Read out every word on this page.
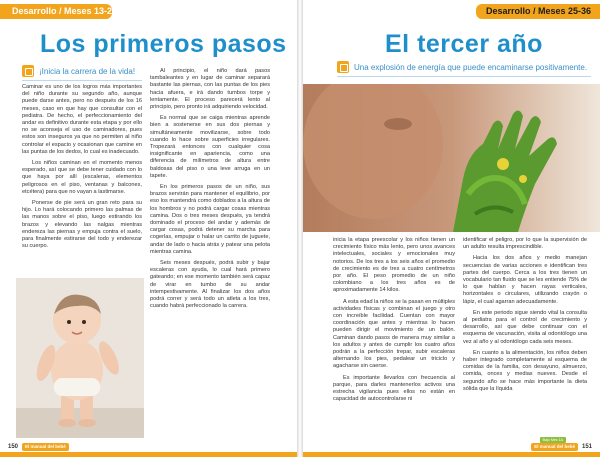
Desarrollo / Meses 13-24
Los primeros pasos
¡Inicia la carrera de la vida!

Caminar es uno de los logros más importantes del niño durante su segundo año, aunque puede darse antes, pero no después de los 16 meses, caso en que hay que consultar con el pediatra. De hecho, el perfeccionamiento del andar es definitivo durante esta etapa y por ello no se aconseja el uso de caminadores, pues estos son inseguros ya que no permiten al niño controlar el espacio y ocasionan que camine en las puntas de los dedos, lo cual es inadecuado.

Los niños caminan en el momento menos esperado, así que se debe tener cuidado con lo que haya por allí (escaleras, elementos peligrosos en el piso, ventanas y balcones, etcétera) para que no vayan a lastimarse.

Ponerse de pie será un gran reto para su hijo. Lo hará colocando primero las palmas de las manos sobre el piso, luego estirando los brazos y elevando las nalgas mientras endereza las piernas y empuja contra el suelo, para finalmente estirarse del todo y enderezar su cuerpo.

Al principio, el niño dará pasos tambaleantes y en lugar de caminar separará bastante las piernas, con las puntas de los pies hacia afuera, e irá dando tumbos torpe y lentamente. El proceso parecerá lento al principio, pero pronto irá adquiriendo velocidad.

Es normal que se caiga mientras aprende bien a sostenerse en sus dos piernas y simultáneamente movilizarse, sobre todo cuando lo hace sobre superficies irregulares. Tropezará entonces con cualquier cosa insignificante en apariencia, como una diferencia de milímetros de altura entre baldosas del piso o una leve arruga en un tapete.

En los primeros pasos de un niño, sus brazos servirán para mantener el equilibrio, por eso los mantendrá como doblados a la altura de los hombros y no podrá cargar cosas mientras camina. Dos o tres meses después, ya tendrá dominado el proceso del andar y además de cargar cosas, podrá detener su marcha para cogerlas, empujar o halar un carrito de juguete, andar de lado o hacia atrás y patear una pelota mientras camina.

Seis meses después, podrá subir y bajar escaleras con ayuda, lo cual hará primero gateando; en ese momento también será capaz de virar en tumbo de su andar intempestivamente. Al finalizar los dos años podrá correr y será todo un atleta a los tres, cuando habrá perfeccionado la carrera.

150	El manual del bebé
Desarrollo / Meses 25-36
El tercer año
Una explosión de energía que puede encaminarse positivamente.

inicia la etapa preescolar y los niños tienen un crecimiento físico más lento, pero unos avances intelectuales, sociales y emocionales muy notorios. De los tres a los seis años el promedio de crecimiento es de tres a cuatro centímetros por año. El peso promedio de un niño colombiano a los tres años es de aproximadamente 14 kilos.

A esta edad la niños se la pasan en múltiples actividades físicas y combinan el juego y otro con increíble facilidad. Cuentan con mayor coordinación que antes y mientras lo hacen pueden dirigir el movimiento de un balón. Caminan dando pasos de manera muy similar a los adultos y antes de cumplir los cuatro años podrán a la perfección trepar, subir escaleras alternando los pies, pedalear un triciclo y agacharse sin caerse.

Es importante llevarlos con frecuencia al parque, para darles mantenerlos activos una estrecha vigilancia pues ellos no están en capacidad de autocontrolarse ni

identificar el peligro, por lo que la supervisión de un adulto resulta imprescindible.

Hacia los dos años y medio manejan secuencias de varias acciones e identifican tres partes del cuerpo. Cerca a los tres tienen un vocabulario tan fluido que se les entiende 75% de lo que hablan y hacen rayas verticales, horizontales o circulares, utilizando crayón o lápiz, el cual agarran adecuadamente.

En este periodo sigue siendo vital la consulta al pediatra para el control de crecimiento y desarrollo, así que debe continuar con el esquema de vacunación, visita al odontólogo una vez al año y al odontólogo cada seis meses.

En cuanto a la alimentación, los niños deben haber integrado completamente al esquema de comidas de la familia, con desayuno, almuerzo, comida, onces y medias nueves. Desde el segundo año se hace más importante la dieta sólida que la líquida

Bajo Mes 1A
El manual del bebé	151
